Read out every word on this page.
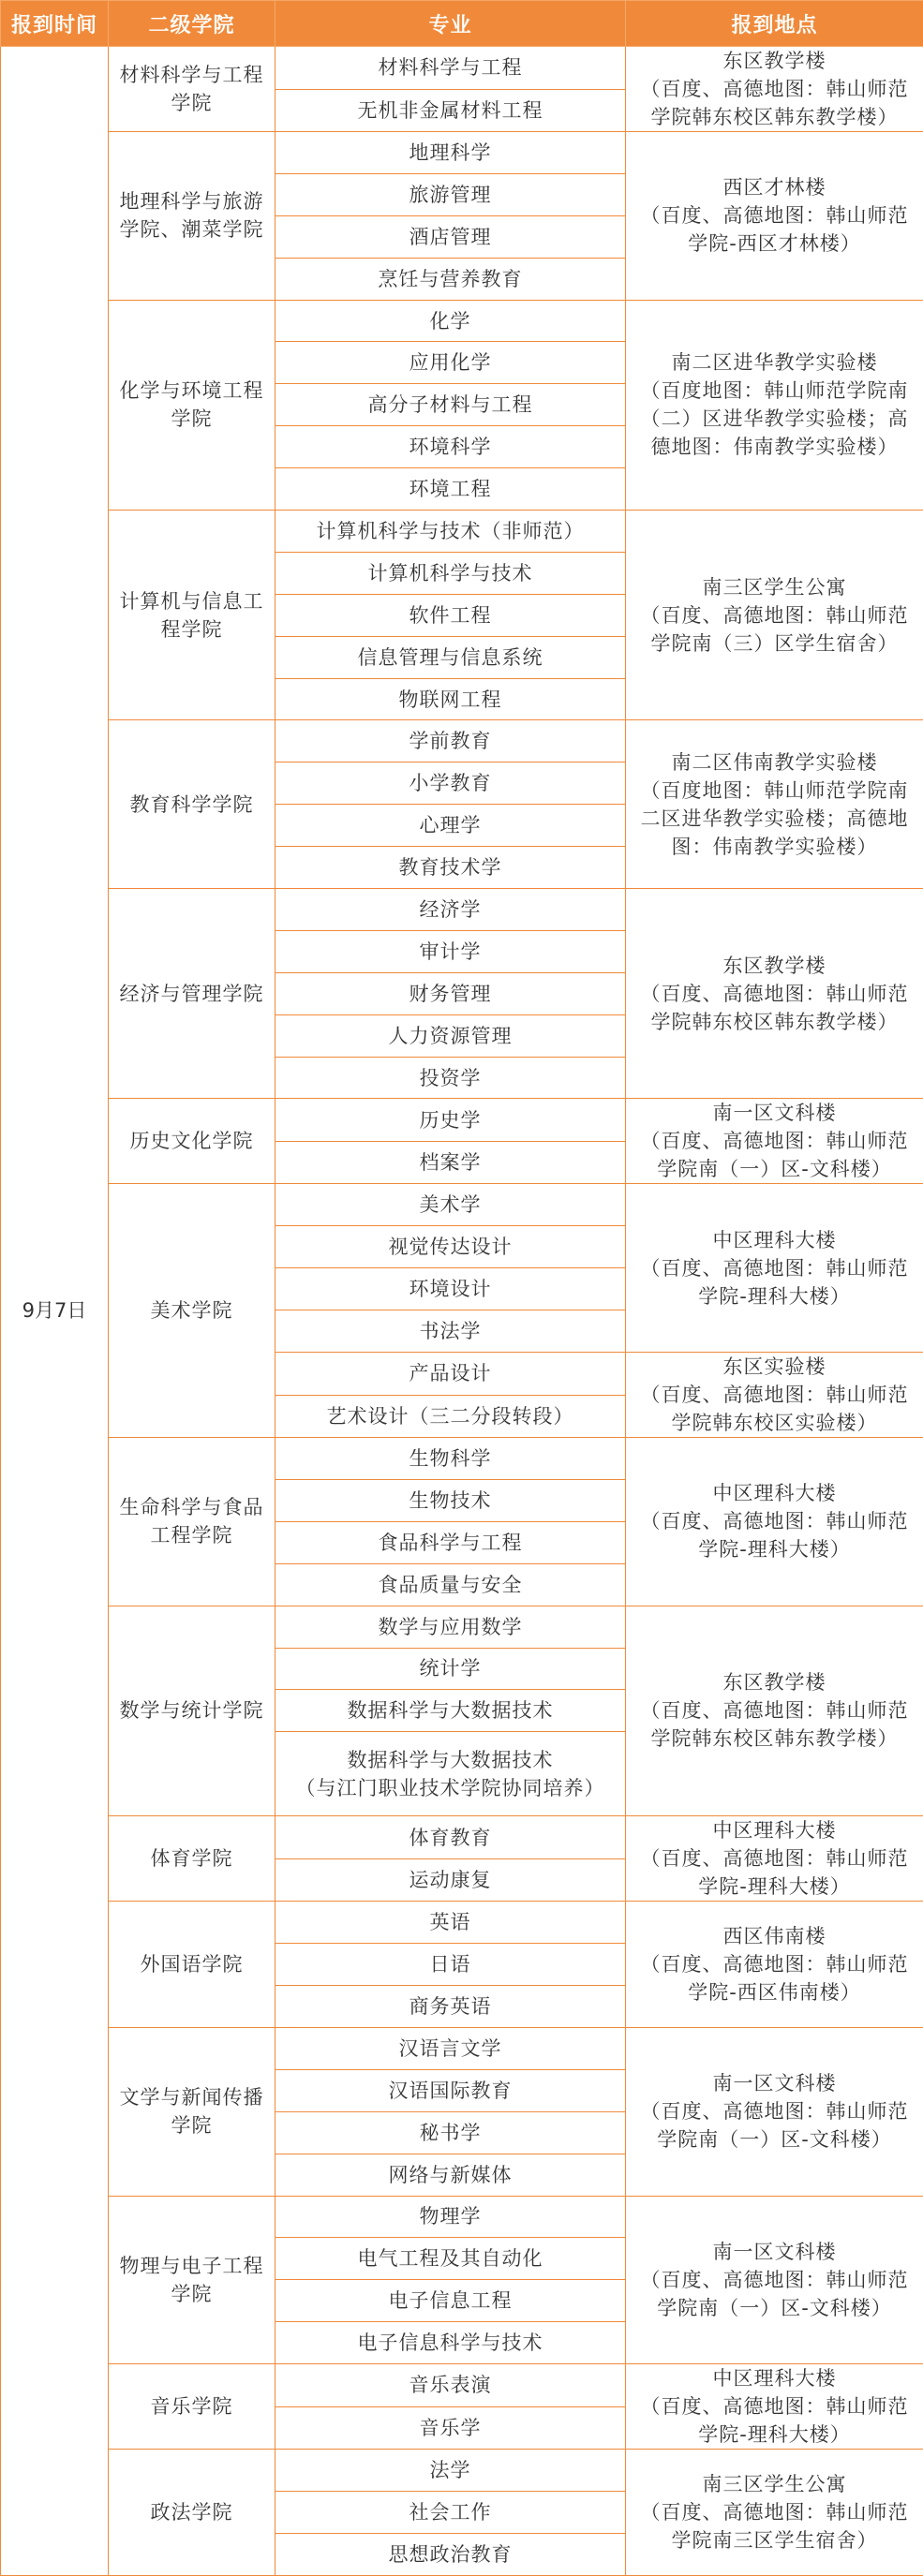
报到时间	二级学院	专业	报到地点
9月7日	材料科学与工程学院	材料科学与工程	东区教学楼
（百度、高德地图：韩山师范学院韩东校区韩东教学楼）
		无机非金属材料工程	
	地理科学与旅游学院、潮菜学院	地理科学	西区才林楼
（百度、高德地图：韩山师范学院-西区才林楼）
		旅游管理	
		酒店管理	
		烹饪与营养教育	
	化学与环境工程学院	化学	南二区进华教学实验楼
（百度地图：韩山师范学院南（二）区进华教学实验楼；高德地图：伟南教学实验楼）
		应用化学	
		高分子材料与工程	
		环境科学	
		环境工程	
	计算机与信息工程学院	计算机科学与技术（非师范）	南三区学生公寓
（百度、高德地图：韩山师范学院南（三）区学生宿舍）
		计算机科学与技术	
		软件工程	
		信息管理与信息系统	
		物联网工程	
	教育科学学院	学前教育	南二区伟南教学实验楼
（百度地图：韩山师范学院南二区进华教学实验楼；高德地图：伟南教学实验楼）
		小学教育	
		心理学	
		教育技术学	
	经济与管理学院	经济学	东区教学楼
（百度、高德地图：韩山师范学院韩东校区韩东教学楼）
		审计学	
		财务管理	
		人力资源管理	
		投资学	
	历史文化学院	历史学	南一区文科楼
（百度、高德地图：韩山师范学院南（一）区-文科楼）
		档案学	
	美术学院	美术学	中区理科大楼
（百度、高德地图：韩山师范学院-理科大楼）
		视觉传达设计	
		环境设计	
		书法学	
		产品设计	东区实验楼
（百度、高德地图：韩山师范学院韩东校区实验楼）
		艺术设计（三二分段转段）	
	生命科学与食品工程学院	生物科学	中区理科大楼
（百度、高德地图：韩山师范学院-理科大楼）
		生物技术	
		食品科学与工程	
		食品质量与安全	
	数学与统计学院	数学与应用数学	东区教学楼
（百度、高德地图：韩山师范学院韩东校区韩东教学楼）
		统计学	
		数据科学与大数据技术	
		数据科学与大数据技术
（与江门职业技术学院协同培养）	
	体育学院	体育教育	中区理科大楼
（百度、高德地图：韩山师范学院-理科大楼）
		运动康复	
	外国语学院	英语	西区伟南楼
（百度、高德地图：韩山师范学院-西区伟南楼）
		日语	
		商务英语	
	文学与新闻传播学院	汉语言文学	南一区文科楼
（百度、高德地图：韩山师范学院南（一）区-文科楼）
		汉语国际教育	
		秘书学	
		网络与新媒体	
	物理与电子工程学院	物理学	南一区文科楼
（百度、高德地图：韩山师范学院南（一）区-文科楼）
		电气工程及其自动化	
		电子信息工程	
		电子信息科学与技术	
	音乐学院	音乐表演	中区理科大楼
（百度、高德地图：韩山师范学院-理科大楼）
		音乐学	
	政法学院	法学	南三区学生公寓
（百度、高德地图：韩山师范学院南三区学生宿舍）
		社会工作	
		思想政治教育	
